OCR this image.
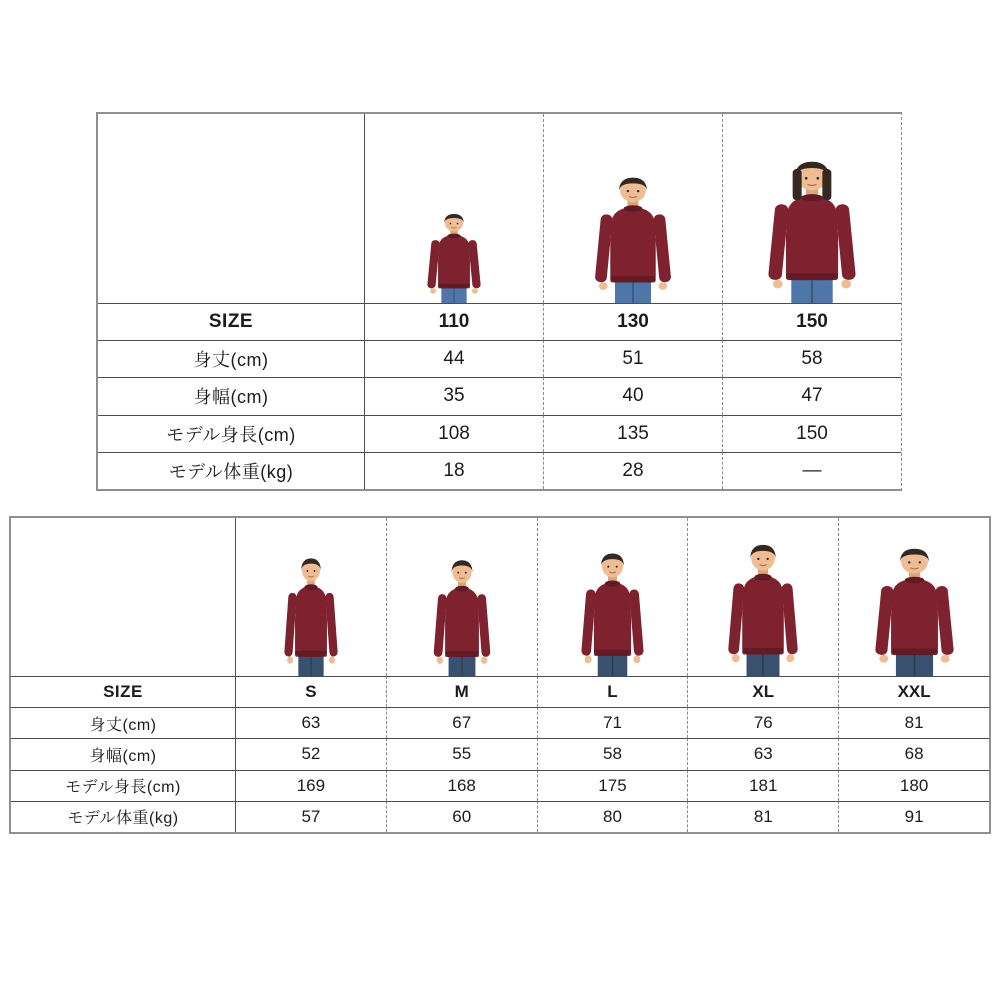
SIZE	110	130	150
身丈(cm)	44	51	58
身幅(cm)	35	40	47
モデル身長(cm)	108	135	150
モデル体重(kg)	18	28	—
SIZE	S	M	L	XL	XXL
身丈(cm)	63	67	71	76	81
身幅(cm)	52	55	58	63	68
モデル身長(cm)	169	168	175	181	180
モデル体重(kg)	57	60	80	81	91
